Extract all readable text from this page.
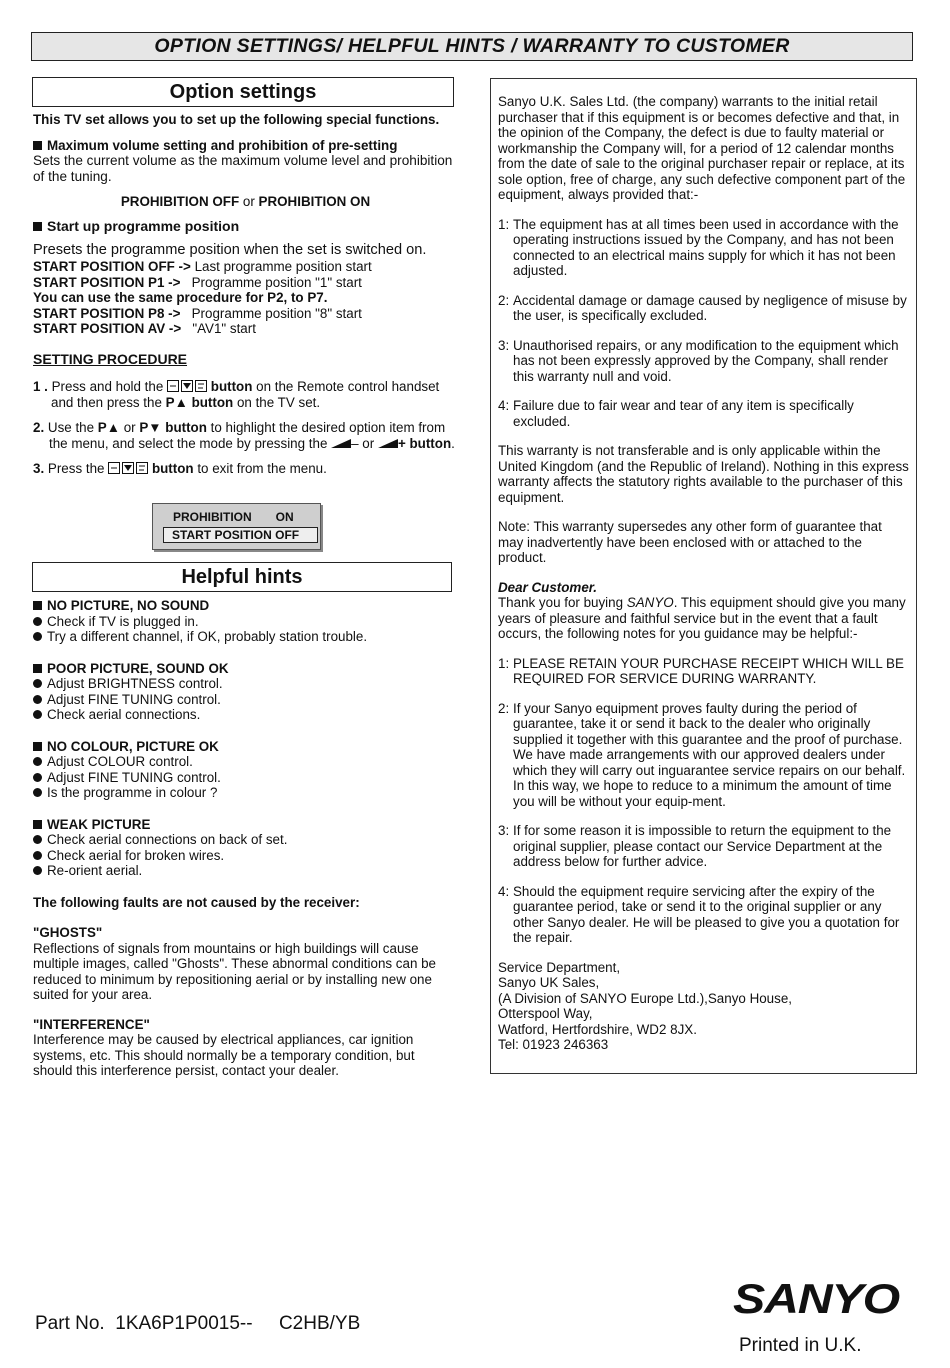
OPTION SETTINGS/ HELPFUL HINTS / WARRANTY TO CUSTOMER
Option settings
This TV set allows you to set up the following special functions.
Maximum volume setting and prohibition of pre-setting
Sets the current volume as the maximum volume level and prohibition of the tuning.
PROHIBITION OFF or PROHIBITION ON
Start up programme position
Presets the programme position when the set is switched on.
START POSITION OFF -> Last programme position start
START POSITION P1 -> Programme position "1" start
You can use the same procedure for P2, to P7.
START POSITION P8 -> Programme position "8" start
START POSITION AV -> "AV1" start
SETTING PROCEDURE
1 . Press and hold the	button on the Remote control handset and then press the P▲ button on the TV set.
2. Use the P▲ or P▼ button to highlight the desired option item from the menu, and select the mode by pressing the – or + button.
3. Press the	button to exit from the menu.
PROHIBITION ON
START POSITION OFF
Helpful hints
NO PICTURE, NO SOUND
Check if TV is plugged in.
Try a different channel, if OK, probably station trouble.
POOR PICTURE, SOUND OK
Adjust BRIGHTNESS control.
Adjust FINE TUNING control.
Check aerial connections.
NO COLOUR, PICTURE OK
Adjust COLOUR control.
Adjust FINE TUNING control.
Is the programme in colour ?
WEAK PICTURE
Check aerial connections on back of set.
Check aerial for broken wires.
Re-orient aerial.
The following faults are not caused by the receiver:
"GHOSTS"
Reflections of signals from mountains or high buildings will cause multiple images, called "Ghosts". These abnormal conditions can be reduced to minimum by repositioning aerial or by installing new one suited for your area.
"INTERFERENCE"
Interference may be caused by electrical appliances, car ignition systems, etc. This should normally be a temporary condition, but should this interference persist, contact your dealer.

Sanyo U.K. Sales Ltd. (the company) warrants to the initial retail purchaser that if this equipment is or becomes defective and that, in the opinion of the Company, the defect is due to faulty material or workmanship the Company will, for a period of 12 calendar months from the date of sale to the original purchaser repair or replace, at its sole option, free of charge, any such defective component part of the equipment, always provided that:-

1: The equipment has at all times been used in accordance with the operating instructions issued by the Company, and has not been connected to an electrical mains supply for which it has not been adjusted.
2: Accidental damage or damage caused by negligence of misuse by the user, is specifically excluded.
3: Unauthorised repairs, or any modification to the equipment which has not been expressly approved by the Company, shall render this warranty null and void.
4: Failure due to fair wear and tear of any item is specifically excluded.

This warranty is not transferable and is only applicable within the United Kingdom (and the Republic of Ireland). Nothing in this express warranty affects the statutory rights available to the purchaser of this equipment.

Note: This warranty supersedes any other form of guarantee that may inadvertently have been enclosed with or attached to the product.

Dear Customer.

Thank you for buying SANYO. This equipment should give you many years of pleasure and faithful service but in the event that a fault occurs, the following notes for you guidance may be helpful:-

1: PLEASE RETAIN YOUR PURCHASE RECEIPT WHICH WILL BE REQUIRED FOR SERVICE DURING WARRANTY.
2: If your Sanyo equipment proves faulty during the period of guarantee, take it or send it back to the dealer who originally supplied it together with this guarantee and the proof of purchase. We have made arrangements with our approved dealers under which they will carry out inguarantee service repairs on our behalf. In this way, we hope to reduce to a minimum the amount of time you will be without your equip-ment.
3: If for some reason it is impossible to return the equipment to the original supplier, please contact our Service Department at the address below for further advice.
4: Should the equipment require servicing after the expiry of the guarantee period, take or send it to the original supplier or any other Sanyo dealer. He will be pleased to give you a quotation for the repair.
Service Department,
Sanyo UK Sales,
(A Division of SANYO Europe Ltd.),Sanyo House,
Otterspool Way,
Watford, Hertfordshire, WD2 8JX.
Tel: 01923 246363
Part No.  1KA6P1P0015--     C2HB/YB
SANYO
Printed in U.K.
